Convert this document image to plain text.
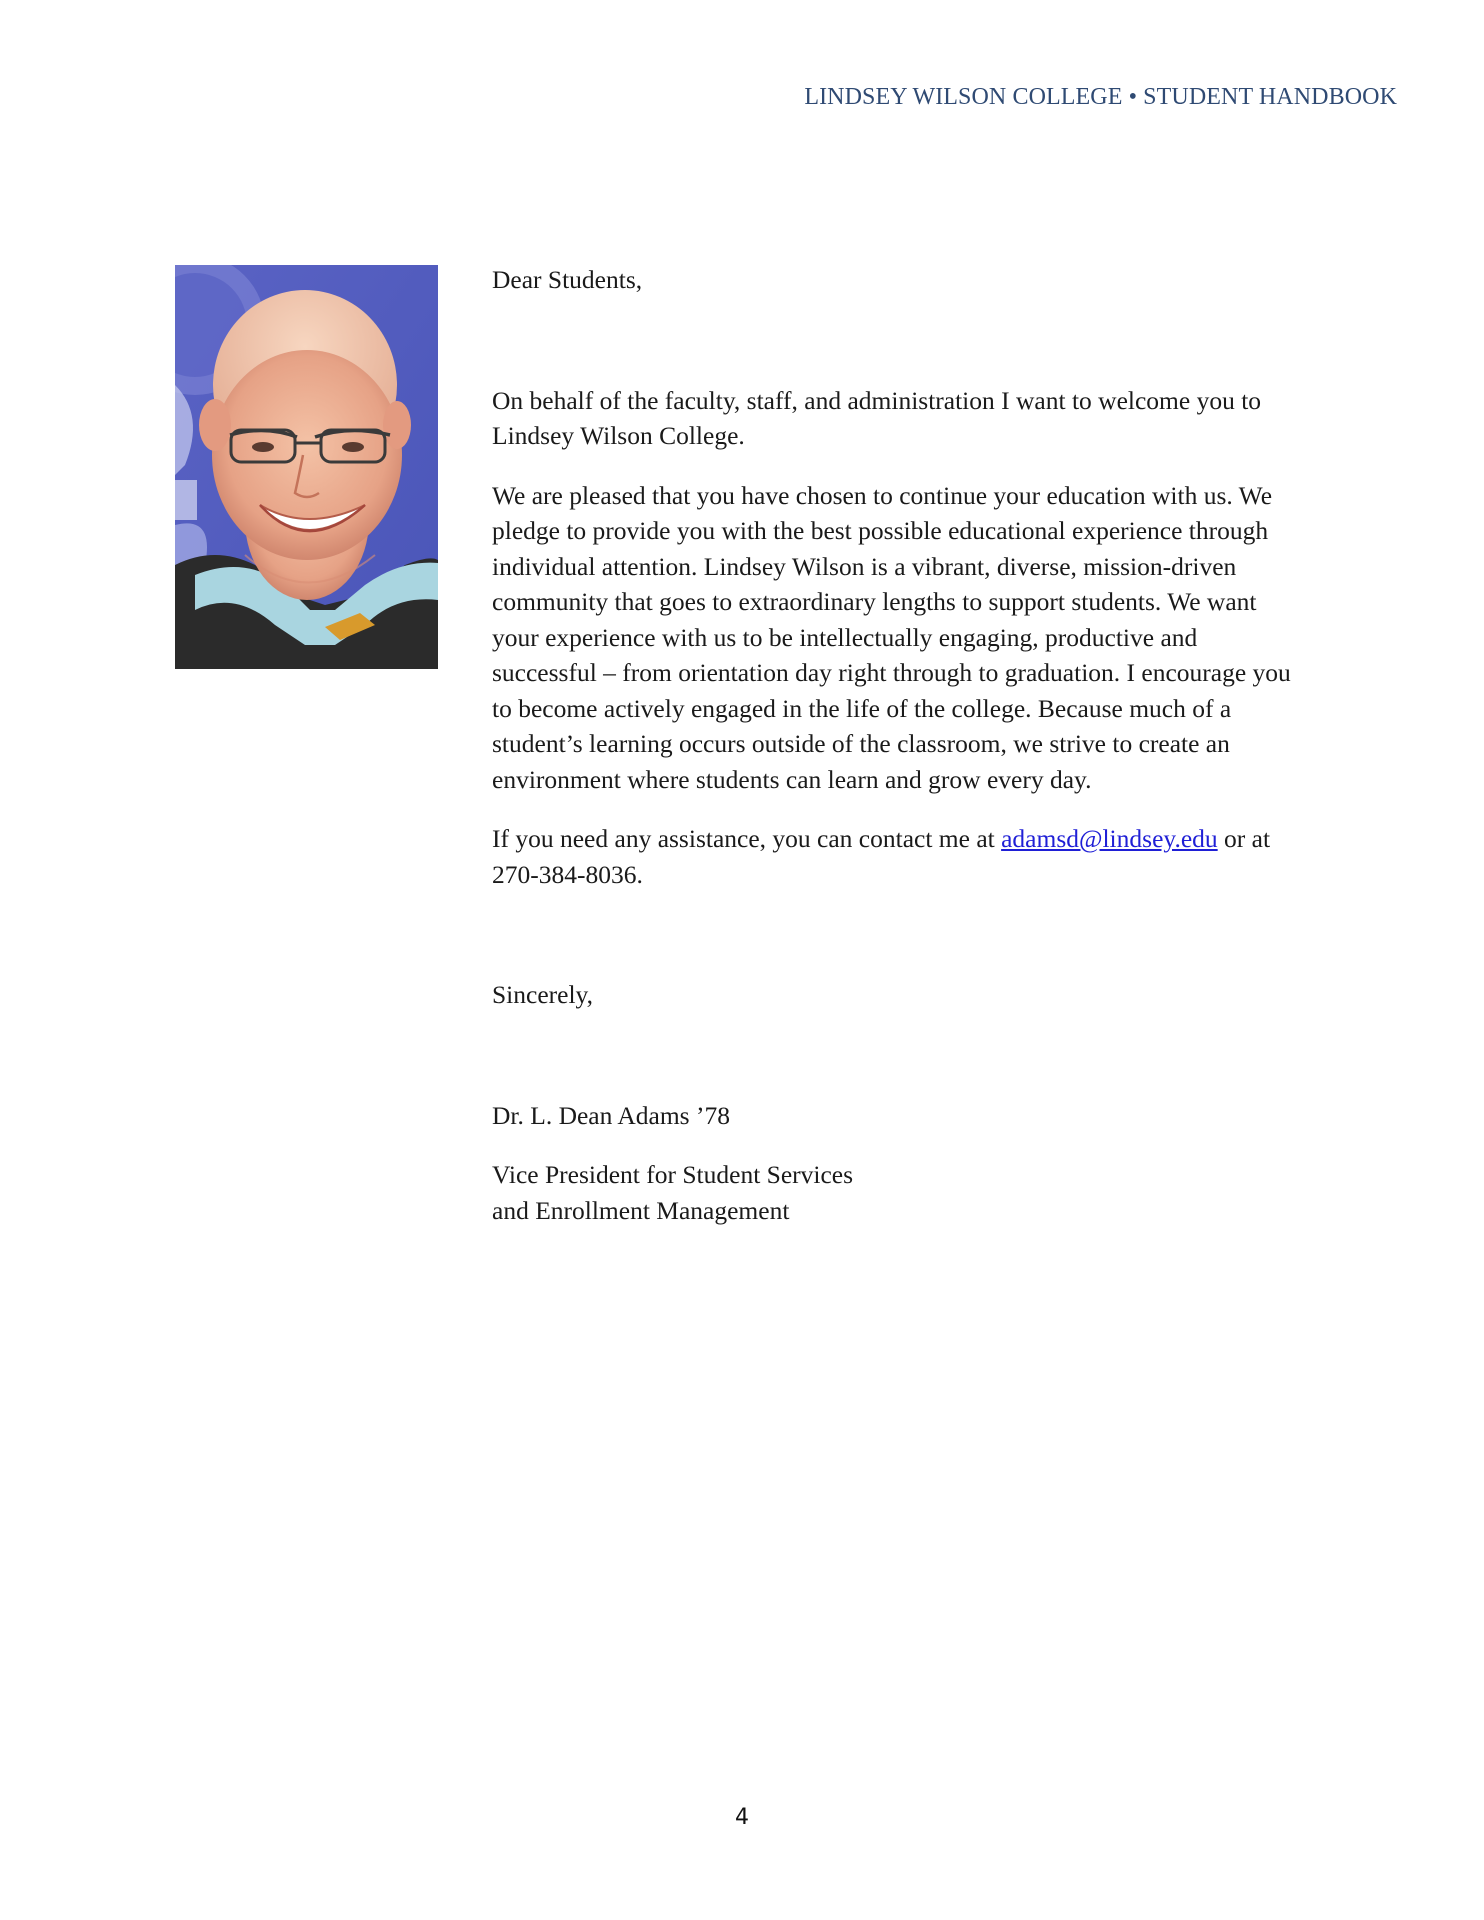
LINDSEY WILSON COLLEGE • STUDENT HANDBOOK

Dear Students,

On behalf of the faculty, staff, and administration I want to welcome you to Lindsey Wilson College.

We are pleased that you have chosen to continue your education with us. We pledge to provide you with the best possible educational experience through individual attention. Lindsey Wilson is a vibrant, diverse, mission-driven community that goes to extraordinary lengths to support students. We want your experience with us to be intellectually engaging, productive and successful – from orientation day right through to graduation. I encourage you to become actively engaged in the life of the college. Because much of a student’s learning occurs outside of the classroom, we strive to create an environment where students can learn and grow every day.

If you need any assistance, you can contact me at adamsd@lindsey.edu or at 270-384-8036.

Sincerely,

Dr. L. Dean Adams ’78

Vice President for Student Services

and Enrollment Management

4
